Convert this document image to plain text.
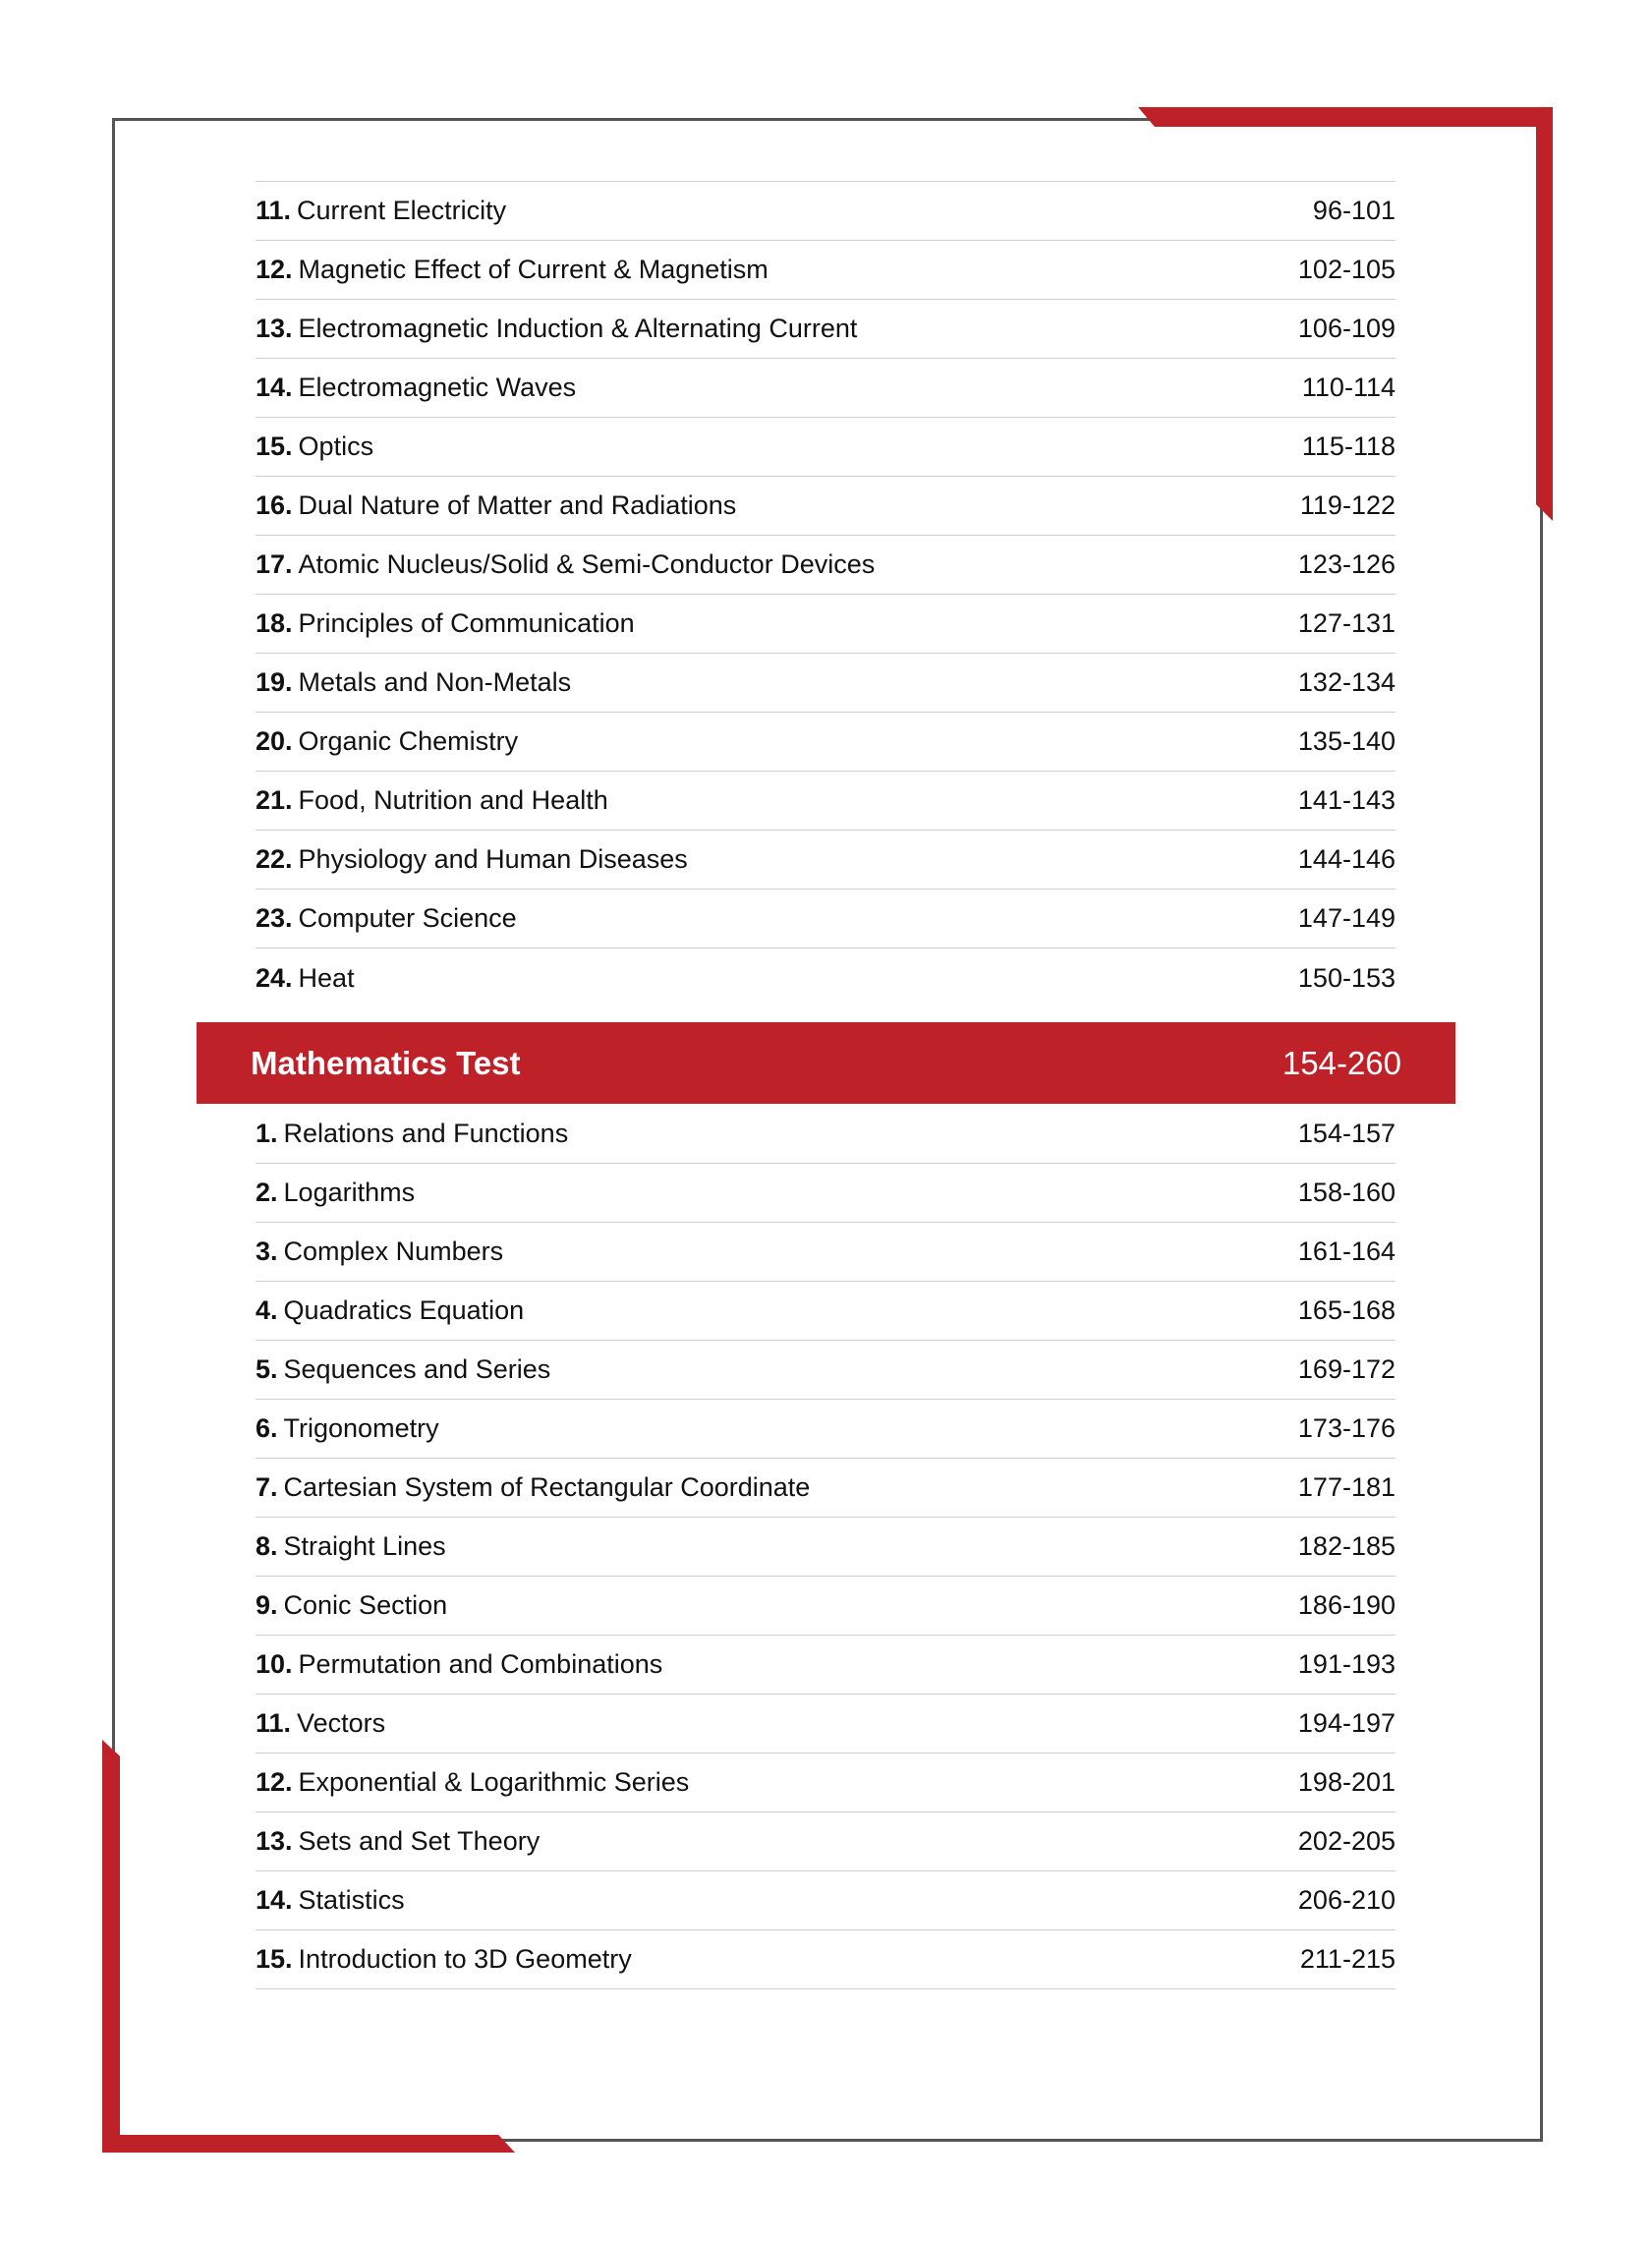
11. Current Electricity	96-101
12. Magnetic Effect of Current & Magnetism	102-105
13. Electromagnetic Induction & Alternating Current	106-109
14. Electromagnetic Waves	110-114
15. Optics	115-118
16. Dual Nature of Matter and Radiations	119-122
17. Atomic Nucleus/Solid & Semi-Conductor Devices	123-126
18. Principles of Communication	127-131
19. Metals and Non-Metals	132-134
20. Organic Chemistry	135-140
21. Food, Nutrition and Health	141-143
22. Physiology and Human Diseases	144-146
23. Computer Science	147-149
24. Heat	150-153
Mathematics Test	154-260
1. Relations and Functions	154-157
2. Logarithms	158-160
3. Complex Numbers	161-164
4. Quadratics Equation	165-168
5. Sequences and Series	169-172
6. Trigonometry	173-176
7. Cartesian System of Rectangular Coordinate	177-181
8. Straight Lines	182-185
9. Conic Section	186-190
10. Permutation and Combinations	191-193
11. Vectors	194-197
12. Exponential & Logarithmic Series	198-201
13. Sets and Set Theory	202-205
14. Statistics	206-210
15. Introduction to 3D Geometry	211-215
